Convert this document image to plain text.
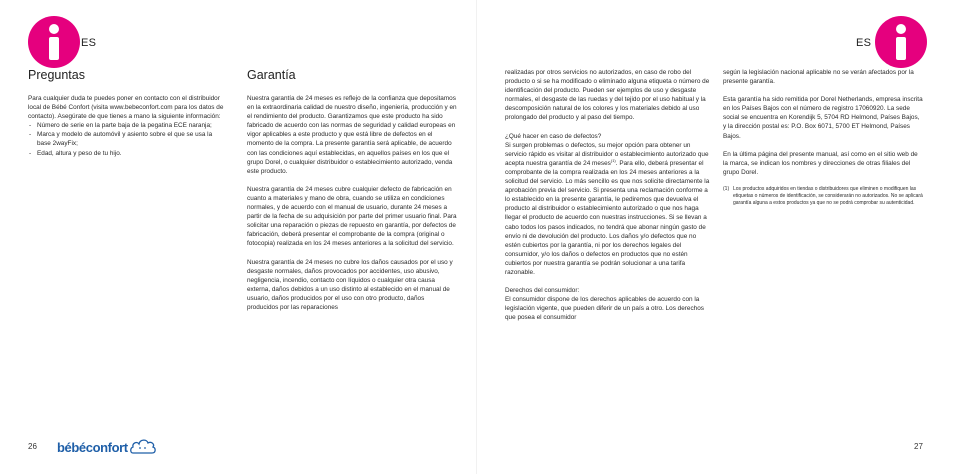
ES
Preguntas

Para cualquier duda te puedes poner en contacto con el distribuidor local de Bébé Confort (visita www.bebeconfort.com para los datos de contacto). Asegúrate de que tienes a mano la siguiente información:

- Número de serie en la parte baja de la pegatina ECE naranja;
- Marca y modelo de automóvil y asiento sobre el que se usa la base 2wayFix;
- Edad, altura y peso de tu hijo.
Garantía

Nuestra garantía de 24 meses es reflejo de la confianza que depositamos en la extraordinaria calidad de nuestro diseño, ingeniería, producción y en el rendimiento del producto. Garantizamos que este producto ha sido fabricado de acuerdo con las normas de seguridad y calidad europeas en vigor aplicables a este producto y que está libre de defectos en el momento de la compra. La presente garantía será aplicable, de acuerdo con las condiciones aquí establecidas, en aquellos países en los que el grupo Dorel, o cualquier distribuidor o establecimiento autorizado, venda este producto.

Nuestra garantía de 24 meses cubre cualquier defecto de fabricación en cuanto a materiales y mano de obra, cuando se utiliza en condiciones normales, y de acuerdo con el manual de usuario, durante 24 meses a partir de la fecha de su adquisición por parte del primer usuario final. Para solicitar una reparación o piezas de repuesto en garantía, por defectos de fabricación, deberá presentar el comprobante de la compra (original o fotocopia) realizada en los 24 meses anteriores a la solicitud del servicio.

Nuestra garantía de 24 meses no cubre los daños causados por el uso y desgaste normales, daños provocados por accidentes, uso abusivo, negligencia, incendio, contacto con líquidos o cualquier otra causa externa, daños debidos a un uso distinto al establecido en el manual de usuario, daños producidos por el uso con otro producto, daños producidos por las reparaciones

26 bébéconfort

realizadas por otros servicios no autorizados, en caso de robo del producto o si se ha modificado o eliminado alguna etiqueta o número de identificación del producto. Pueden ser ejemplos de uso y desgaste normales, el desgaste de las ruedas y del tejido por el uso habitual y la descomposición natural de los colores y los materiales debido al uso prolongado del producto y al paso del tiempo.

¿Qué hacer en caso de defectos?

Si surgen problemas o defectos, su mejor opción para obtener un servicio rápido es visitar al distribuidor o establecimiento autorizado que acepta nuestra garantía de 24 meses$^{(1)}$. Para ello, deberá presentar el comprobante de la compra realizada en los 24 meses anteriores a la solicitud del servicio. Lo más sencillo es que nos solicite directamente la aprobación previa del servicio. Si presenta una reclamación conforme a lo establecido en la presente garantía, le pediremos que devuelva el producto al distribuidor o establecimiento autorizado o que nos haga llegar el producto de acuerdo con nuestras instrucciones. Si se llevan a cabo todos los pasos indicados, no tendrá que abonar ningún gasto de envío ni de devolución del producto. Los daños y/o defectos que no estén cubiertos por la garantía, ni por los derechos legales del consumidor, y/o los daños o defectos en productos que no estén cubiertos por nuestra garantía se podrán solucionar a una tarifa razonable.

Derechos del consumidor:

El consumidor dispone de los derechos aplicables de acuerdo con la legislación vigente, que pueden diferir de un país a otro. Los derechos que posea el consumidor

ES

según la legislación nacional aplicable no se verán afectados por la presente garantía.

Esta garantía ha sido remitida por Dorel Netherlands, empresa inscrita en los Países Bajos con el número de registro 17060920. La sede social se encuentra en Korendijk 5, 5704 RD Helmond, Países Bajos, y la dirección postal es: P.O. Box 6071, 5700 ET Helmond, Países Bajos.

En la última página del presente manual, así como en el sitio web de la marca, se indican los nombres y direcciones de otras filiales del grupo Dorel.

(1) Los productos adquiridos en tiendas o distribuidores que eliminen o modifiquen las etiquetas o números de identificación, se considerarán no autorizados. No se aplicará garantía alguna a estos productos ya que no se podrá comprobar su autenticidad.
27
